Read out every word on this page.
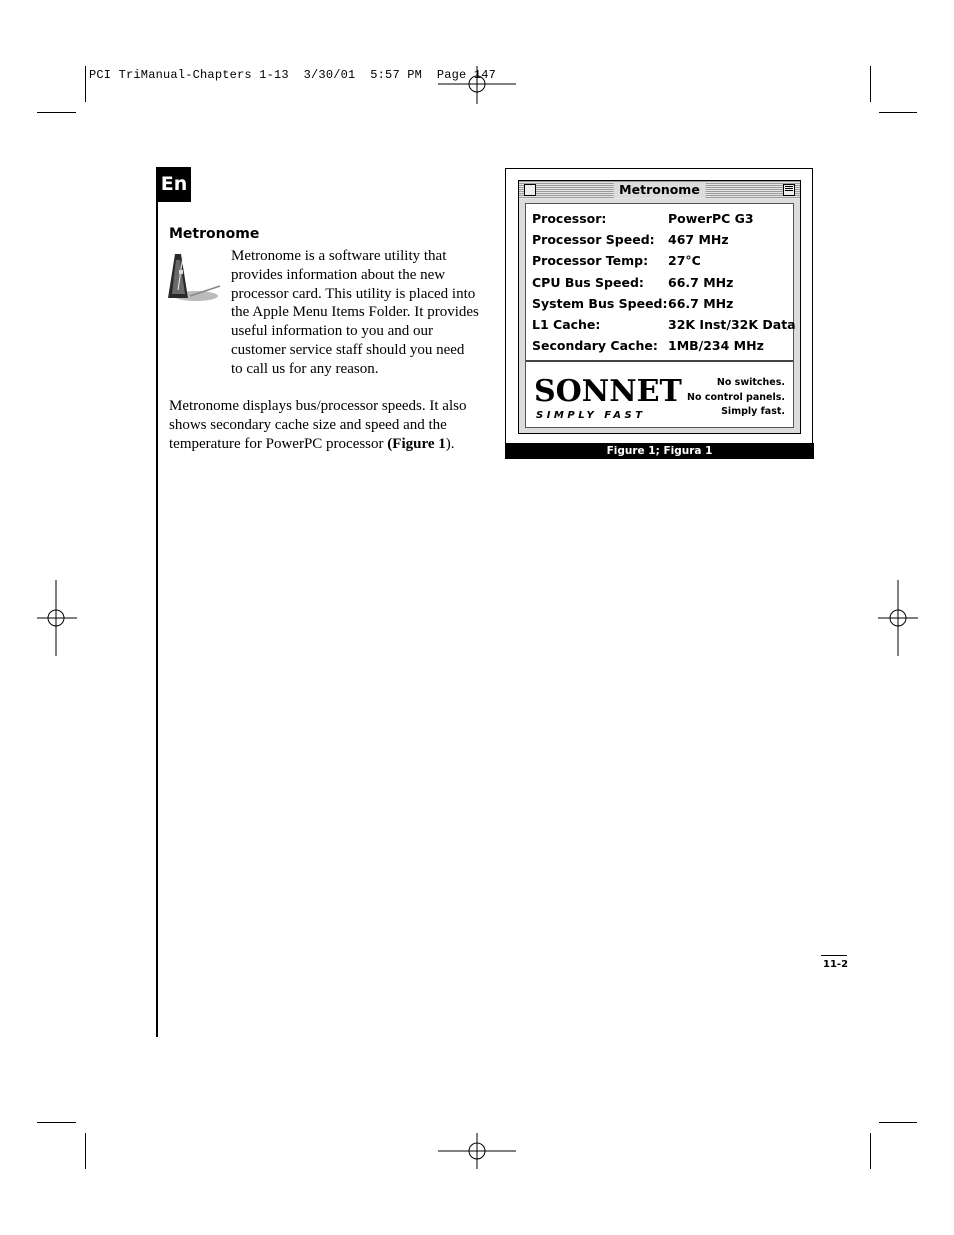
PCI TriManual-Chapters 1-13  3/30/01  5:57 PM  Page 147
En
Metronome
Metronome is a software utility that
provides information about the new
processor card. This utility is placed into
the Apple Menu Items Folder. It provides
useful information to you and our
customer service staff should you need
to call us for any reason.
Metronome displays bus/processor speeds. It also
shows secondary cache size and speed and the
temperature for PowerPC processor (Figure 1).
Metronome
Processor:	PowerPC G3
Processor Speed: 467 MHz
Processor Temp: 27°C
CPU Bus Speed: 66.7 MHz
System Bus Speed: 66.7 MHz
L1 Cache:	32K Inst/32K Data
Secondary Cache: 1MB/234 MHz
SONNET
SIMPLY FAST
No switches.
No control panels.
Simply fast.
Figure 1; Figura 1
11-2
